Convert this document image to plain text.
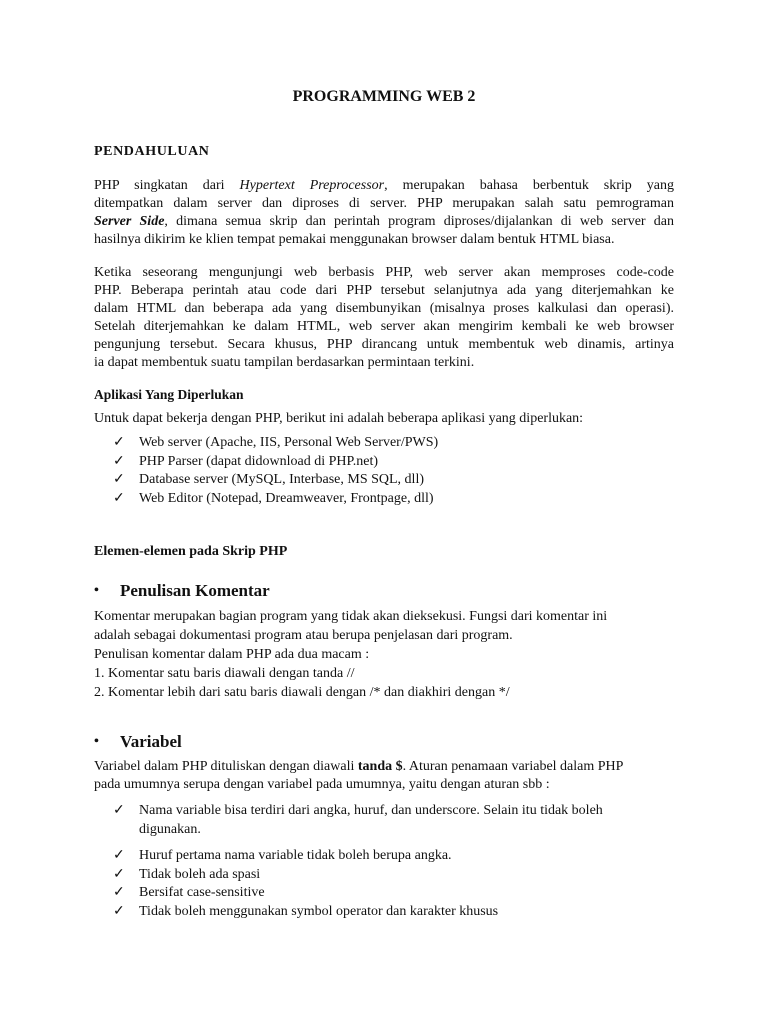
PROGRAMMING WEB 2
PENDAHULUAN
PHP singkatan dari Hypertext Preprocessor, merupakan bahasa berbentuk skrip yang
ditempatkan dalam server dan diproses di server. PHP merupakan salah satu pemrograman
Server Side, dimana semua skrip dan perintah program diproses/dijalankan di web server dan
hasilnya dikirim ke klien tempat pemakai menggunakan browser dalam bentuk HTML biasa.
Ketika seseorang mengunjungi web berbasis PHP, web server akan memproses code-code
PHP. Beberapa perintah atau code dari PHP tersebut selanjutnya ada yang diterjemahkan ke
dalam HTML dan beberapa ada yang disembunyikan (misalnya proses kalkulasi dan operasi).
Setelah diterjemahkan ke dalam HTML, web server akan mengirim kembali ke web browser
pengunjung tersebut. Secara khusus, PHP dirancang untuk membentuk web dinamis, artinya
ia dapat membentuk suatu tampilan berdasarkan permintaan terkini.
Aplikasi Yang Diperlukan
Untuk dapat bekerja dengan PHP, berikut ini adalah beberapa aplikasi yang diperlukan:
✓ Web server (Apache, IIS, Personal Web Server/PWS)
✓ PHP Parser (dapat didownload di PHP.net)
✓ Database server (MySQL, Interbase, MS SQL, dll)
✓ Web Editor (Notepad, Dreamweaver, Frontpage, dll)
Elemen-elemen pada Skrip PHP
• Penulisan Komentar
Komentar merupakan bagian program yang tidak akan dieksekusi. Fungsi dari komentar ini
adalah sebagai dokumentasi program atau berupa penjelasan dari program.
Penulisan komentar dalam PHP ada dua macam :
1. Komentar satu baris diawali dengan tanda //
2. Komentar lebih dari satu baris diawali dengan /* dan diakhiri dengan */
• Variabel
Variabel dalam PHP dituliskan dengan diawali tanda $. Aturan penamaan variabel dalam PHP
pada umumnya serupa dengan variabel pada umumnya, yaitu dengan aturan sbb :
✓ Nama variable bisa terdiri dari angka, huruf, dan underscore. Selain itu tidak boleh
digunakan.
✓ Huruf pertama nama variable tidak boleh berupa angka.
✓ Tidak boleh ada spasi
✓ Bersifat case-sensitive
✓ Tidak boleh menggunakan symbol operator dan karakter khusus
